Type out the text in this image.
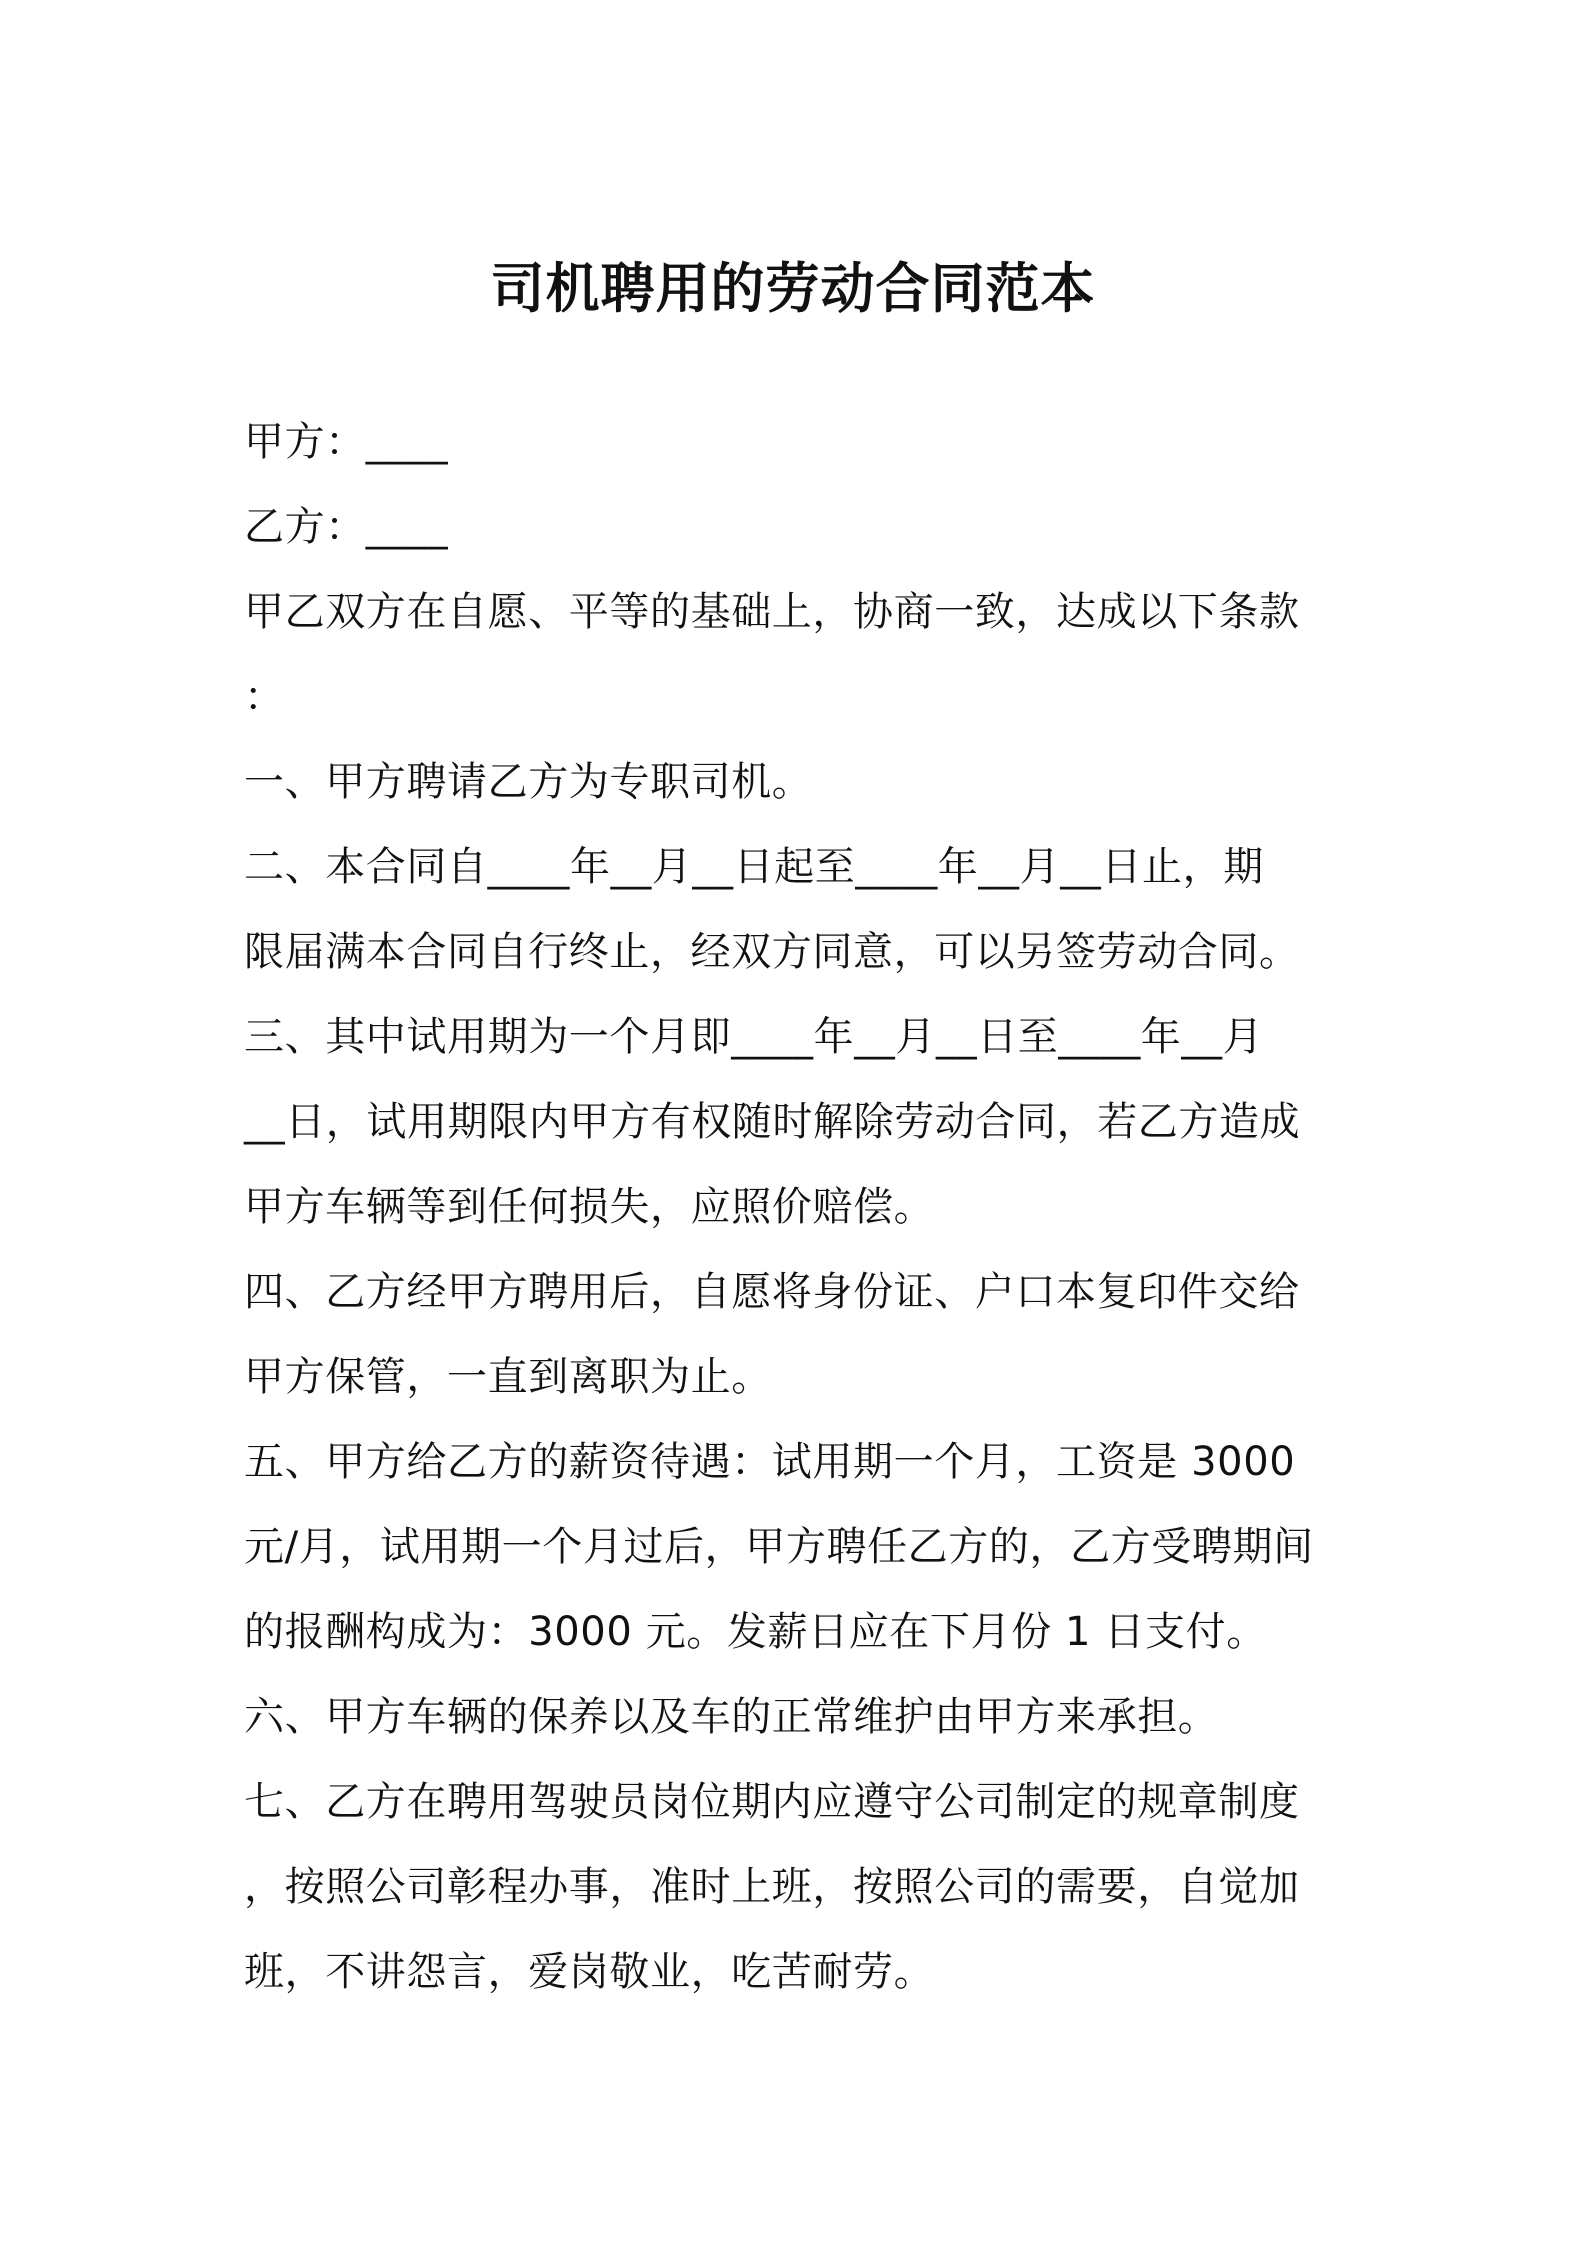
司机聘用的劳动合同范本
甲方：____
乙方：____
甲乙双方在自愿、平等的基础上，协商一致，达成以下条款
：
一、甲方聘请乙方为专职司机。
二、本合同自____年__月__日起至____年__月__日止，期
限届满本合同自行终止，经双方同意，可以另签劳动合同。
三、其中试用期为一个月即____年__月__日至____年__月
__日，试用期限内甲方有权随时解除劳动合同，若乙方造成
甲方车辆等到任何损失，应照价赔偿。
四、乙方经甲方聘用后，自愿将身份证、户口本复印件交给
甲方保管，一直到离职为止。
五、甲方给乙方的薪资待遇：试用期一个月，工资是 3000
元/月，试用期一个月过后，甲方聘任乙方的，乙方受聘期间
的报酬构成为：3000 元。发薪日应在下月份 1 日支付。
六、甲方车辆的保养以及车的正常维护由甲方来承担。
七、乙方在聘用驾驶员岗位期内应遵守公司制定的规章制度
，按照公司彰程办事，准时上班，按照公司的需要，自觉加
班，不讲怨言，爱岗敬业，吃苦耐劳。
